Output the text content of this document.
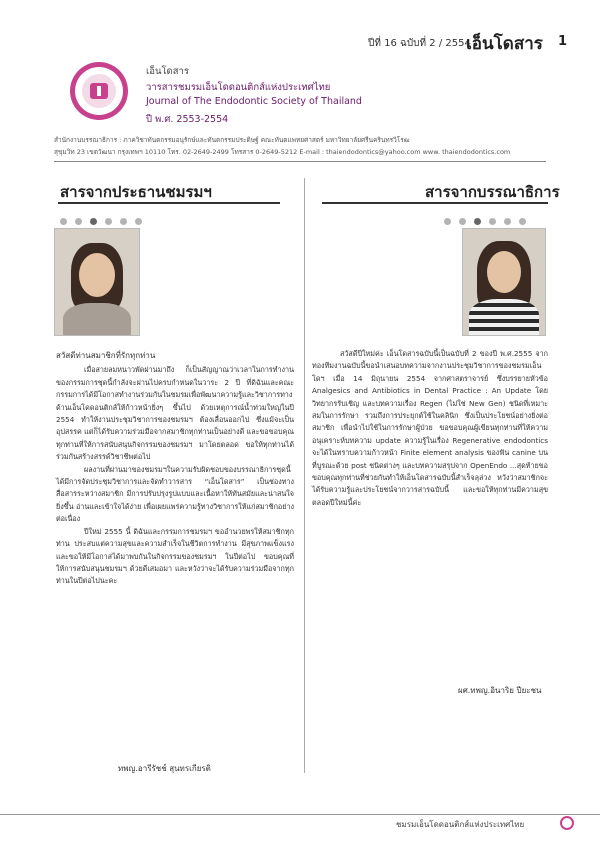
ปีที่ 16 ฉบับที่ 2 / 2554 :
เอ็นโดสาร 1
เอ็นโดสาร
วารสารชมรมเอ็นโดดอนติกส์แห่งประเทศไทย
Journal of The Endodontic Society of Thailand
ปี พ.ศ. 2553-2554
สำนักงานบรรณาธิการ : ภาควิชาทันตกรรมอนุรักษ์และทันตกรรมประดิษฐ์ คณะทันตแพทยศาสตร์ มหาวิทยาลัยศรีนครินทรวิโรฒ
สุขุมวิท 23 เขตวัฒนา กรุงเทพฯ 10110 โทร. 02-2649-2499 โทรสาร 0-2649-5212 E-mail : thaiendodontics@yahoo.com www. thaiendodontics.com
สารจากประธานชมรมฯ

สวัสดีท่านสมาชิกที่รักทุกท่าน

เมื่อสายลมหนาวพัดผ่านมาถึง ก็เป็นสัญญาณว่าเวลาในการทำงานของกรรมการชุดนี้กำลังจะผ่านไปครบกำหนดในวาระ 2 ปี ที่ดิฉันและคณะกรรมการได้มีโอกาสทำงานร่วมกันในชมรมเพื่อพัฒนาความรู้และวิชาการทางด้านเอ็นโดดอนติกส์ให้ก้าวหน้ายิ่งๆ ขึ้นไป ด้วยเหตุการณ์น้ำท่วมใหญ่ในปี 2554 ทำให้งานประชุมวิชาการของชมรมฯ ต้องเลื่อนออกไป ซึ่งแม้จะเป็นอุปสรรค แต่ก็ได้รับความร่วมมือจากสมาชิกทุกท่านเป็นอย่างดี และขอขอบคุณทุกท่านที่ให้การสนับสนุนกิจกรรมของชมรมฯ มาโดยตลอด ขอให้ทุกท่านได้ร่วมกันสร้างสรรค์วิชาชีพต่อไป

ผลงานที่ผ่านมาของชมรมฯในความรับผิดชอบของบรรณาธิการชุดนี้ ได้มีการจัดประชุมวิชาการและจัดทำวารสาร “เอ็นโดสาร” เป็นช่องทางสื่อสารระหว่างสมาชิก มีการปรับปรุงรูปแบบและเนื้อหาให้ทันสมัยและน่าสนใจยิ่งขึ้น อ่านและเข้าใจได้ง่าย เพื่อเผยแพร่ความรู้ทางวิชาการให้แก่สมาชิกอย่างต่อเนื่อง

ปีใหม่ 2555 นี้ ดิฉันและกรรมการชมรมฯ ขออำนวยพรให้สมาชิกทุกท่าน ประสบแต่ความสุขและความสำเร็จในชีวิตการทำงาน มีสุขภาพแข็งแรง และขอให้มีโอกาสได้มาพบกันในกิจกรรมของชมรมฯ ในปีต่อไป ขอบคุณที่ให้การสนับสนุนชมรมฯ ด้วยดีเสมอมา และหวังว่าจะได้รับความร่วมมือจากทุกท่านในปีต่อไปนะคะ

ทพญ.อารีรัชช์ สุนทรเกียรติ
สารจากบรรณาธิการ

สวัสดีปีใหม่ค่ะ เอ็นโดสารฉบับนี้เป็นฉบับที่ 2 ของปี พ.ศ.2555 จากทองทีมงานฉบับนี้ขอนำเสนอบทความจากงานประชุมวิชาการของชมรมเอ็นโดฯ เมื่อ 14 มิถุนายน 2554 จากศาสตราจารย์ ซึ่งบรรยายหัวข้อ Analgesics and Antibiotics in Dental Practice : An Update โดยวิทยากรรับเชิญ และบทความเรื่อง Regen (ไม่ใช่ New Gen) ชนิดที่เหมาะสมในการรักษา รวมถึงการประยุกต์ใช้ในคลินิก ซึ่งเป็นประโยชน์อย่างยิ่งต่อสมาชิก เพื่อนำไปใช้ในการรักษาผู้ป่วย ขอขอบคุณผู้เขียนทุกท่านที่ให้ความอนุเคราะห์บทความ update ความรู้ในเรื่อง Regenerative endodontics จะได้ในทราบความก้าวหน้า Finite element analysis ของฟัน canine บน ที่บูรณะด้วย post ชนิดต่างๆ และบทความสรุปจาก OpenEndo ...สุดท้ายขอขอบคุณทุกท่านที่ช่วยกันทำให้เอ็นโดสารฉบับนี้สำเร็จลุล่วง หวังว่าสมาชิกจะได้รับความรู้และประโยชน์จากวารสารฉบับนี้ และขอให้ทุกท่านมีความสุขตลอดปีใหม่นี้ค่ะ

ผศ.ทพญ.อินาริย ปียะชน
ชมรมเอ็นโดดอนติกส์แห่งประเทศไทย
